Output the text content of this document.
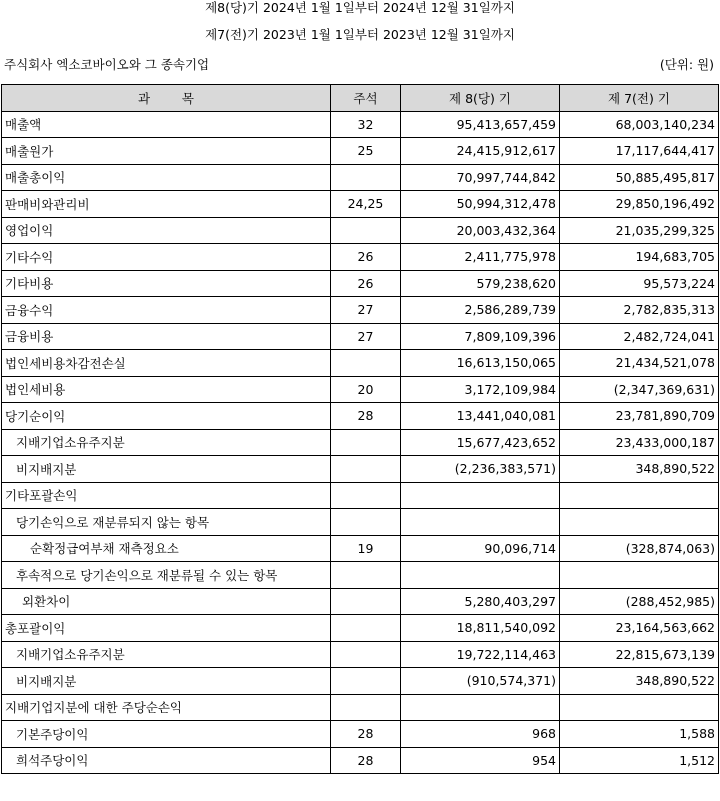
제8(당)기 2024년 1월 1일부터 2024년 12월 31일까지
제7(전)기 2023년 1월 1일부터 2023년 12월 31일까지
주식회사 엑소코바이오와 그 종속기업	(단위: 원)
과        목	주석	제 8(당) 기	제 7(전) 기
매출액	32	95,413,657,459	68,003,140,234
매출원가	25	24,415,912,617	17,117,644,417
매출총이익		70,997,744,842	50,885,495,817
판매비와관리비	24,25	50,994,312,478	29,850,196,492
영업이익		20,003,432,364	21,035,299,325
기타수익	26	2,411,775,978	194,683,705
기타비용	26	579,238,620	95,573,224
금융수익	27	2,586,289,739	2,782,835,313
금융비용	27	7,809,109,396	2,482,724,041
법인세비용차감전손실		16,613,150,065	21,434,521,078
법인세비용	20	3,172,109,984	(2,347,369,631)
당기순이익	28	13,441,040,081	23,781,890,709
지배기업소유주지분		15,677,423,652	23,433,000,187
비지배지분		(2,236,383,571)	348,890,522
기타포괄손익			
당기손익으로 재분류되지 않는 항목			
순확정급여부채 재측정요소	19	90,096,714	(328,874,063)
후속적으로 당기손익으로 재분류될 수 있는 항목			
외환차이		5,280,403,297	(288,452,985)
총포괄이익		18,811,540,092	23,164,563,662
지배기업소유주지분		19,722,114,463	22,815,673,139
비지배지분		(910,574,371)	348,890,522
지배기업지분에 대한 주당순손익			
기본주당이익	28	968	1,588
희석주당이익	28	954	1,512
